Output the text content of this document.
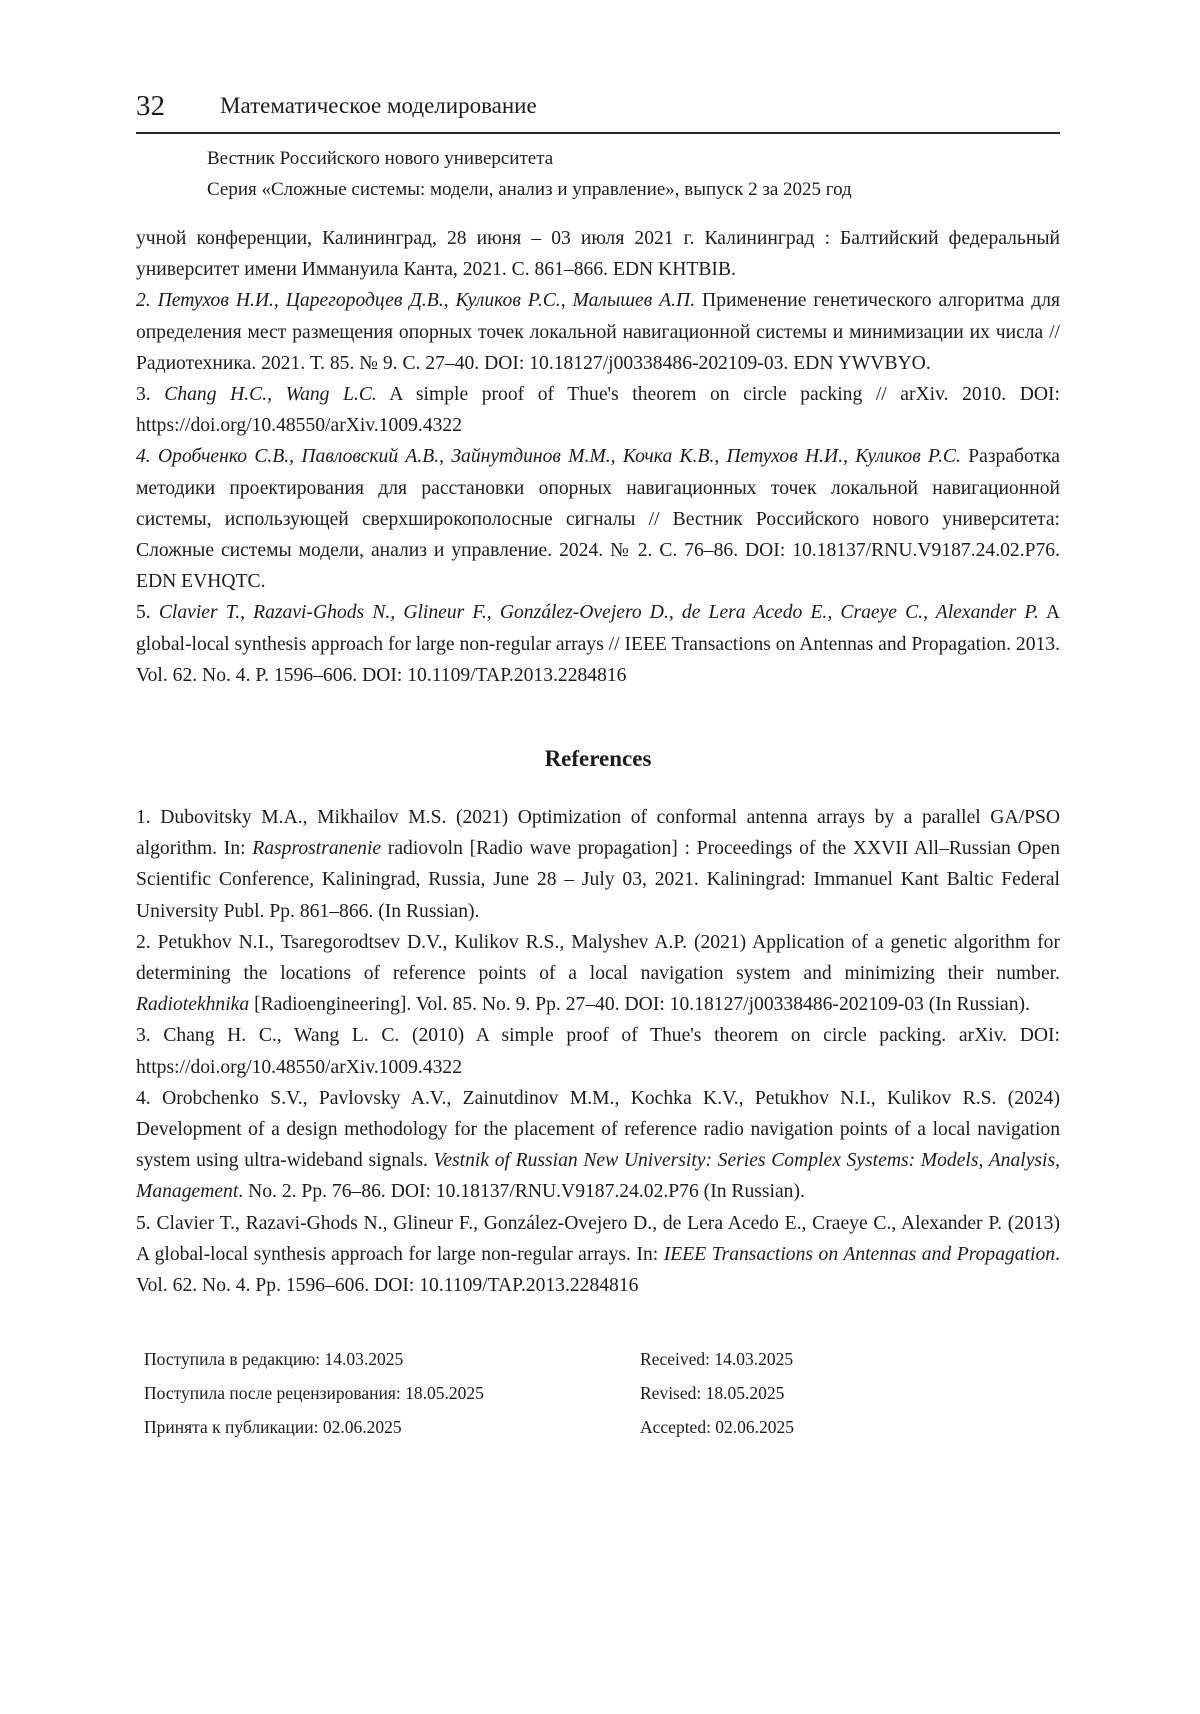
32 Математическое моделирование
Вестник Российского нового университета
Серия «Сложные системы: модели, анализ и управление», выпуск 2 за 2025 год

учной конференции, Калининград, 28 июня – 03 июля 2021 г. Калининград : Балтийский федеральный университет имени Иммануила Канта, 2021. С. 861–866. EDN KHTBIB.

2. Петухов Н.И., Царегородцев Д.В., Куликов Р.С., Малышев А.П. Применение генетического алгоритма для определения мест размещения опорных точек локальной навигационной системы и минимизации их числа // Радиотехника. 2021. Т. 85. № 9. С. 27–40. DOI: 10.18127/j00338486-202109-03. EDN YWVBYO.

3. Chang H.C., Wang L.C. A simple proof of Thue's theorem on circle packing // arXiv. 2010. DOI: https://doi.org/10.48550/arXiv.1009.4322

4. Оробченко С.В., Павловский А.В., Зайнутдинов М.М., Кочка К.В., Петухов Н.И., Куликов Р.С. Разработка методики проектирования для расстановки опорных навигационных точек локальной навигационной системы, использующей сверхширокополосные сигналы // Вестник Российского нового университета: Сложные системы модели, анализ и управление. 2024. № 2. С. 76–86. DOI: 10.18137/RNU.V9187.24.02.P76. EDN EVHQTC.

5. Clavier T., Razavi-Ghods N., Glineur F., González-Ovejero D., de Lera Acedo E., Craeye C., Alexander P. A global-local synthesis approach for large non-regular arrays // IEEE Transactions on Antennas and Propagation. 2013. Vol. 62. No. 4. P. 1596–606. DOI: 10.1109/TAP.2013.2284816

References

1. Dubovitsky M.A., Mikhailov M.S. (2021) Optimization of conformal antenna arrays by a parallel GA/PSO algorithm. In: Rasprostranenie radiovoln [Radio wave propagation] : Proceedings of the XXVII All–Russian Open Scientific Conference, Kaliningrad, Russia, June 28 – July 03, 2021. Kaliningrad: Immanuel Kant Baltic Federal University Publ. Pp. 861–866. (In Russian).

2. Petukhov N.I., Tsaregorodtsev D.V., Kulikov R.S., Malyshev A.P. (2021) Application of a genetic algorithm for determining the locations of reference points of a local navigation system and minimizing their number. Radiotekhnika [Radioengineering]. Vol. 85. No. 9. Pp. 27–40. DOI: 10.18127/j00338486-202109-03 (In Russian).

3. Chang H. C., Wang L. C. (2010) A simple proof of Thue's theorem on circle packing. arXiv. DOI: https://doi.org/10.48550/arXiv.1009.4322

4. Orobchenko S.V., Pavlovsky A.V., Zainutdinov M.M., Kochka K.V., Petukhov N.I., Kulikov R.S. (2024) Development of a design methodology for the placement of reference radio navigation points of a local navigation system using ultra-wideband signals. Vestnik of Russian New University: Series Complex Systems: Models, Analysis, Management. No. 2. Pp. 76–86. DOI: 10.18137/RNU.V9187.24.02.P76 (In Russian).

5. Clavier T., Razavi-Ghods N., Glineur F., González-Ovejero D., de Lera Acedo E., Craeye C., Alexander P. (2013) A global-local synthesis approach for large non-regular arrays. In: IEEE Transactions on Antennas and Propagation. Vol. 62. No. 4. Pp. 1596–606. DOI: 10.1109/TAP.2013.2284816

Поступила в редакцию: 14.03.2025
Поступила после рецензирования: 18.05.2025
Принята к публикации: 02.06.2025
Received: 14.03.2025
Revised: 18.05.2025
Accepted: 02.06.2025
